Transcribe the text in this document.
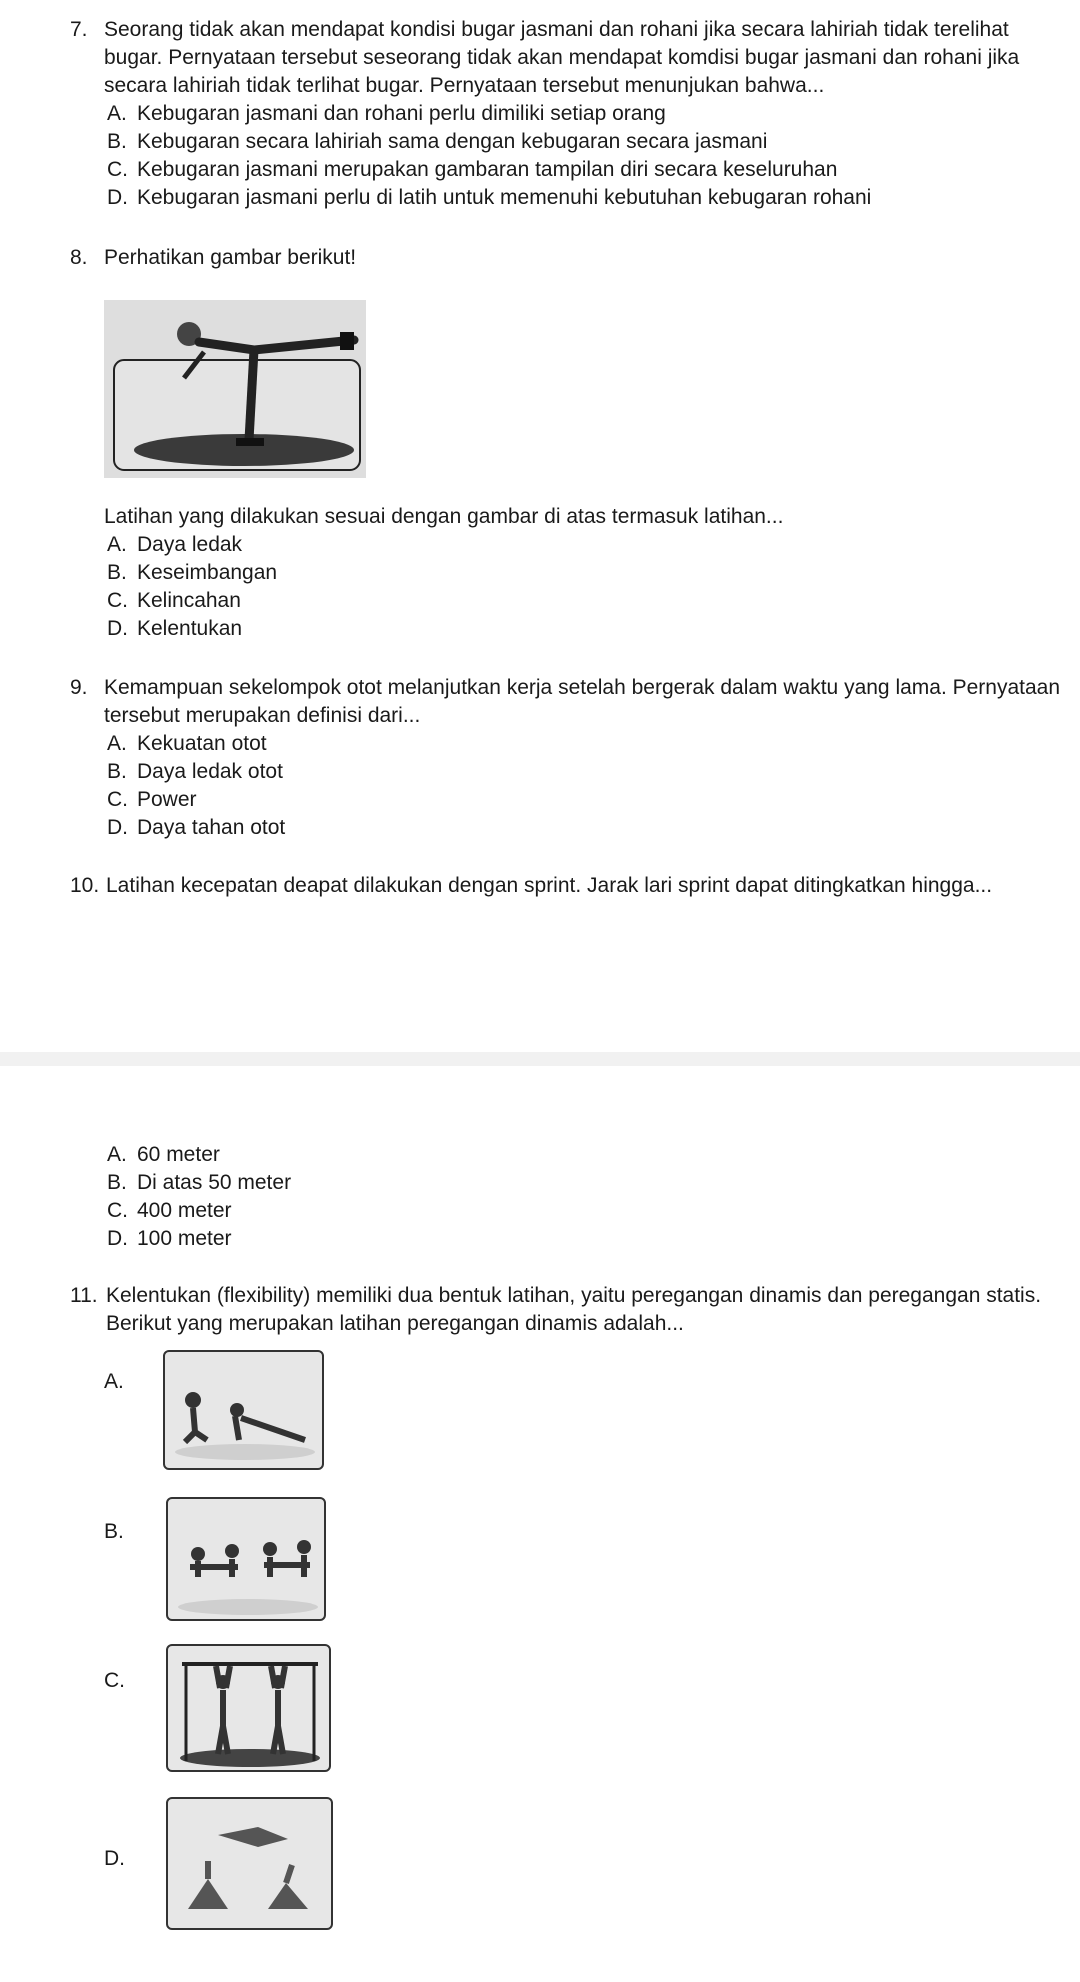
7. Seorang tidak akan mendapat kondisi bugar jasmani dan rohani jika secara lahiriah tidak terelihat bugar. Pernyataan tersebut seseorang tidak akan mendapat komdisi bugar jasmani dan rohani jika secara lahiriah tidak terlihat bugar. Pernyataan tersebut menunjukan bahwa...
A. Kebugaran jasmani dan rohani perlu dimiliki setiap orang
B. Kebugaran secara lahiriah sama dengan kebugaran secara jasmani
C. Kebugaran jasmani merupakan gambaran tampilan diri secara keseluruhan
D. Kebugaran jasmani perlu di latih untuk memenuhi kebutuhan kebugaran rohani
8. Perhatikan gambar berikut!
Latihan yang dilakukan sesuai dengan gambar di atas termasuk latihan...
A. Daya ledak
B. Keseimbangan
C. Kelincahan
D. Kelentukan
9. Kemampuan sekelompok otot melanjutkan kerja setelah bergerak dalam waktu yang lama. Pernyataan tersebut merupakan definisi dari...
A. Kekuatan otot
B. Daya ledak otot
C. Power
D. Daya tahan otot
10. Latihan kecepatan deapat dilakukan dengan sprint. Jarak lari sprint dapat ditingkatkan hingga...
A. 60 meter
B. Di atas 50 meter
C. 400 meter
D. 100 meter
11. Kelentukan (flexibility) memiliki dua bentuk latihan, yaitu peregangan dinamis dan peregangan statis. Berikut yang merupakan latihan peregangan dinamis adalah...
A.
B.
C.
D.
